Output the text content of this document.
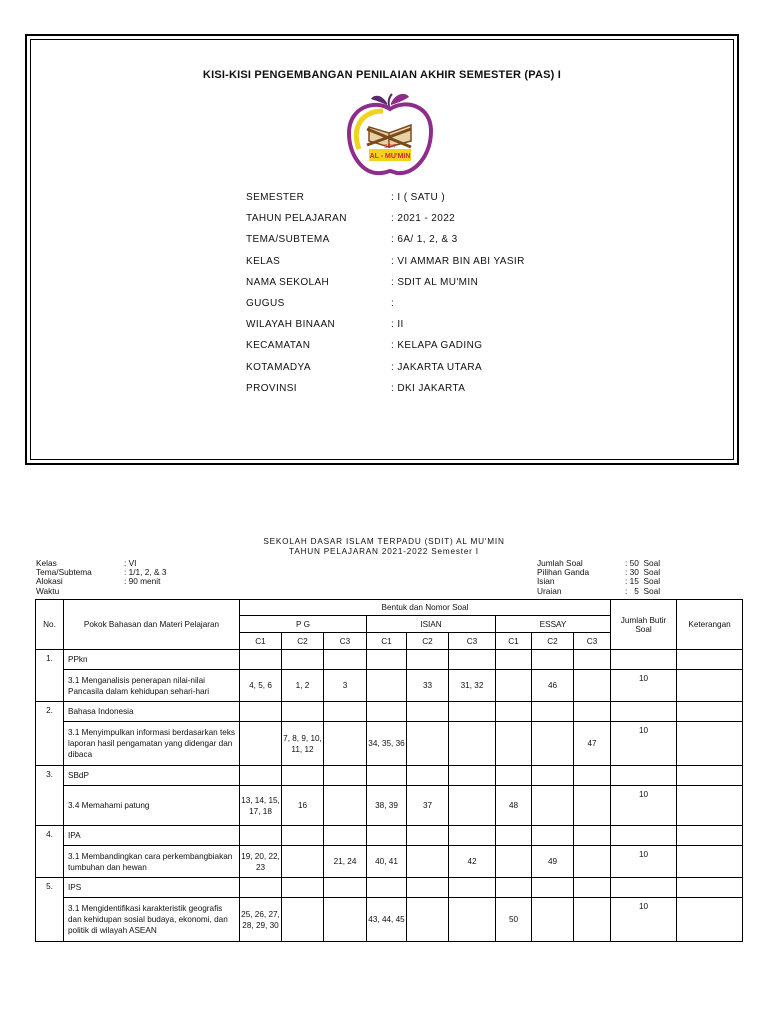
KISI-KISI PENGEMBANGAN PENILAIAN AKHIR SEMESTER (PAS) I
SDIT
AL - MU'MIN
SEMESTER	: I ( SATU )
TAHUN PELAJARAN	: 2021 - 2022
TEMA/SUBTEMA	: 6A/ 1, 2, & 3
KELAS	: VI AMMAR BIN ABI YASIR
NAMA SEKOLAH	: SDIT AL MU'MIN
GUGUS	:
WILAYAH BINAAN	: II
KECAMATAN	: KELAPA GADING
KOTAMADYA	: JAKARTA UTARA
PROVINSI	: DKI JAKARTA
SEKOLAH DASAR ISLAM TERPADU (SDIT) AL MU'MIN
TAHUN PELAJARAN 2021-2022 Semester I
Kelas	: VI
Tema/Subtema	: 1/1, 2, & 3
Alokasi Waktu
: 90 menit
Jumlah Soal	: 50  Soal
Pilihan Ganda	: 30  Soal
Isian	: 15  Soal
Uraian	:   5  Soal
No.	Pokok Bahasan dan Materi Pelajaran	Bentuk dan Nomor Soal									Jumlah Butir Soal	Keterangan
		P G			ISIAN			ESSAY				
		C1	C2	C3	C1	C2	C3	C1	C2	C3		
1.	PPkn											
	3.1 Menganalisis penerapan nilai-nilai Pancasila dalam kehidupan sehari-hari	4, 5, 6	1, 2	3		33	31, 32		46		10	
2.	Bahasa Indonesia											
	3.1 Menyimpulkan informasi berdasarkan teks laporan hasil pengamatan yang didengar dan dibaca		7, 8, 9, 10, 11, 12		34, 35, 36					47	10	
3.	SBdP											
	3.4 Memahami patung	13, 14, 15, 17, 18	16		38, 39	37		48			10	
4.	IPA											
	3.1 Membandingkan cara perkembangbiakan tumbuhan dan hewan	19, 20, 22, 23		21, 24	40, 41		42		49		10	
5.	IPS											
	3.1 Mengidentifikasi karakteristik geografis dan kehidupan sosial budaya, ekonomi, dan politik di wilayah ASEAN	25, 26, 27, 28, 29, 30			43, 44, 45			50			10	
